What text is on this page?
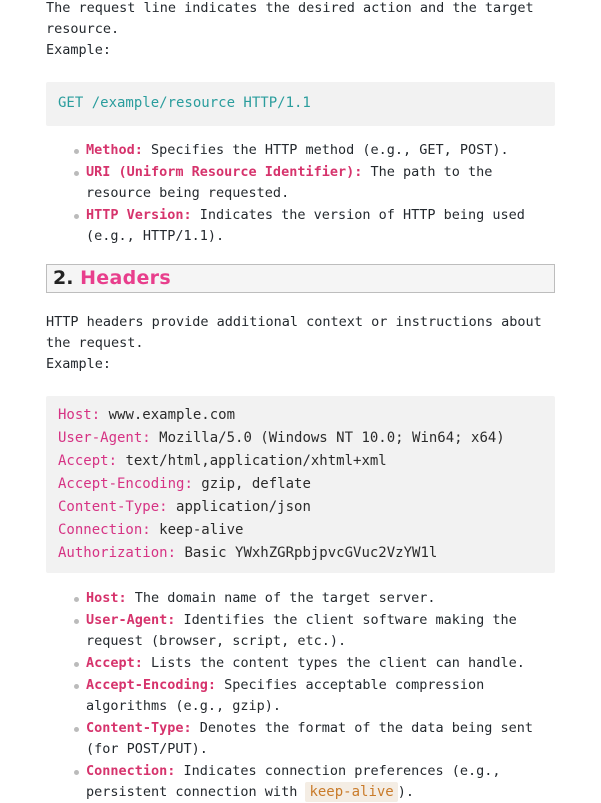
The request line indicates the desired action and the target resource.

Example:

GET /example/resource HTTP/1.1
Method: Specifies the HTTP method (e.g., GET, POST).
URI (Uniform Resource Identifier): The path to the resource being requested.
HTTP Version: Indicates the version of HTTP being used (e.g., HTTP/1.1).
2. Headers

HTTP headers provide additional context or instructions about the request.

Example:

Host: www.example.com
User-Agent: Mozilla/5.0 (Windows NT 10.0; Win64; x64)
Accept: text/html,application/xhtml+xml
Accept-Encoding: gzip, deflate
Content-Type: application/json
Connection: keep-alive
Authorization: Basic YWxhZGRpbjpvcGVuc2VzYW1l
Host: The domain name of the target server.
User-Agent: Identifies the client software making the request (browser, script, etc.).
Accept: Lists the content types the client can handle.
Accept-Encoding: Specifies acceptable compression algorithms (e.g., gzip).
Content-Type: Denotes the format of the data being sent (for POST/PUT).
Connection: Indicates connection preferences (e.g., persistent connection with keep-alive ).
